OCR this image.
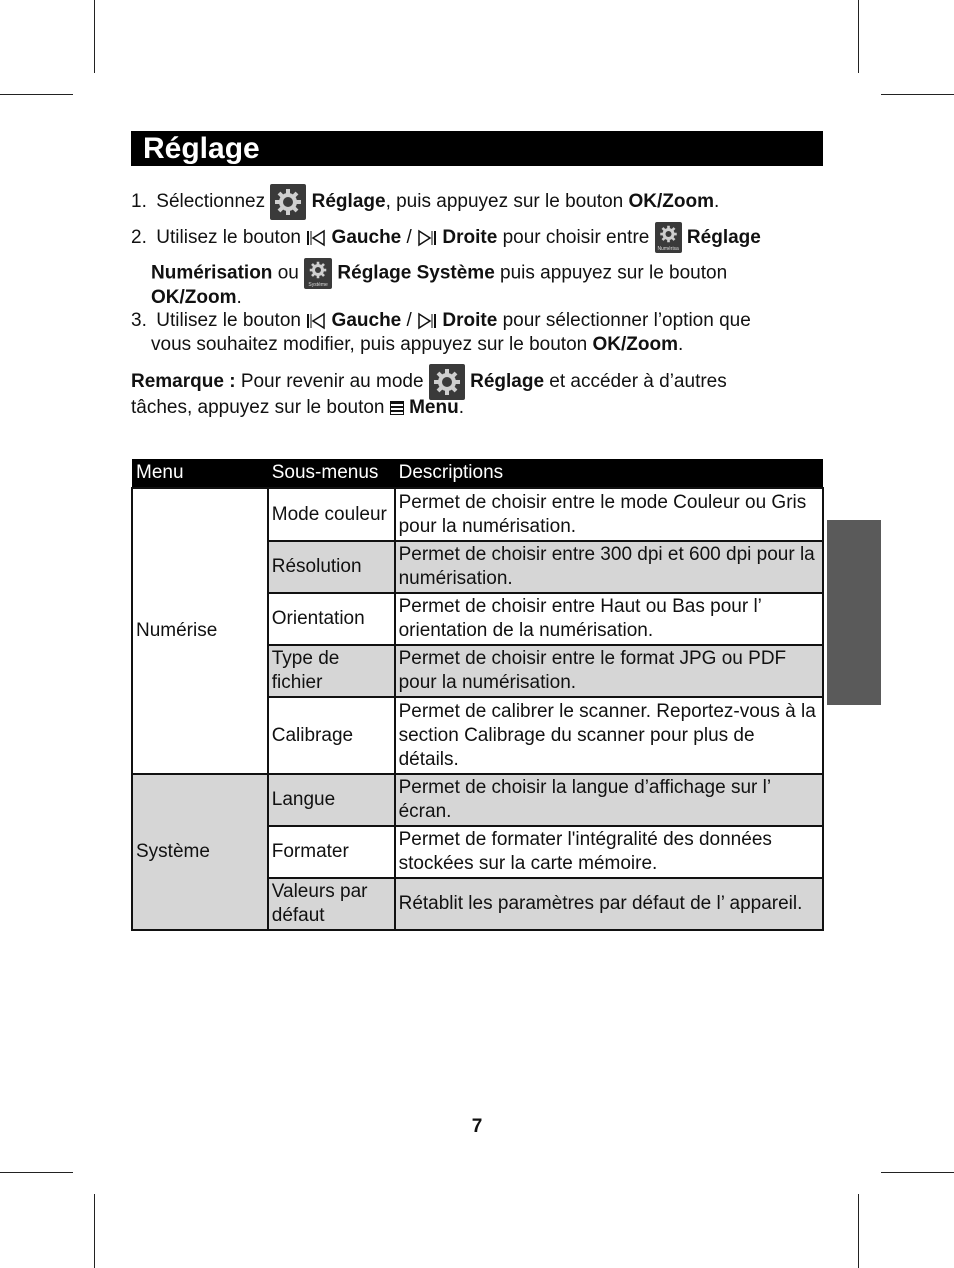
Réglage
1. Sélectionnez Réglage, puis appuyez sur le bouton OK/Zoom.
2. Utilisez le bouton Gauche / Droite pour choisir entre
Numérisa
Réglage
Numérisation ou
Système
Réglage Système puis appuyez sur le bouton
OK/Zoom.
3. Utilisez le bouton Gauche / Droite pour sélectionner l’option que
vous souhaitez modifier, puis appuyez sur le bouton OK/Zoom.
Remarque : Pour revenir au mode Réglage et accéder à d’autres
tâches, appuyez sur le bouton Menu.
Menu	Sous-menus	Descriptions
Numérise	Mode couleur	Permet de choisir entre le mode Couleur ou Gris pour la numérisation.
	Résolution	Permet de choisir entre 300 dpi et 600 dpi pour la numérisation.
	Orientation	Permet de choisir entre Haut ou Bas pour l’ orientation de la numérisation.
	Type de fichier	Permet de choisir entre le format JPG ou PDF pour la numérisation.
	Calibrage	Permet de calibrer le scanner. Reportez-vous à la section Calibrage du scanner pour plus de détails.
Système	Langue	Permet de choisir la langue d’affichage sur l’ écran.
	Formater	Permet de formater l'intégralité des données stockées sur la carte mémoire.
	Valeurs par défaut	Rétablit les paramètres par défaut de l’ appareil.
7
